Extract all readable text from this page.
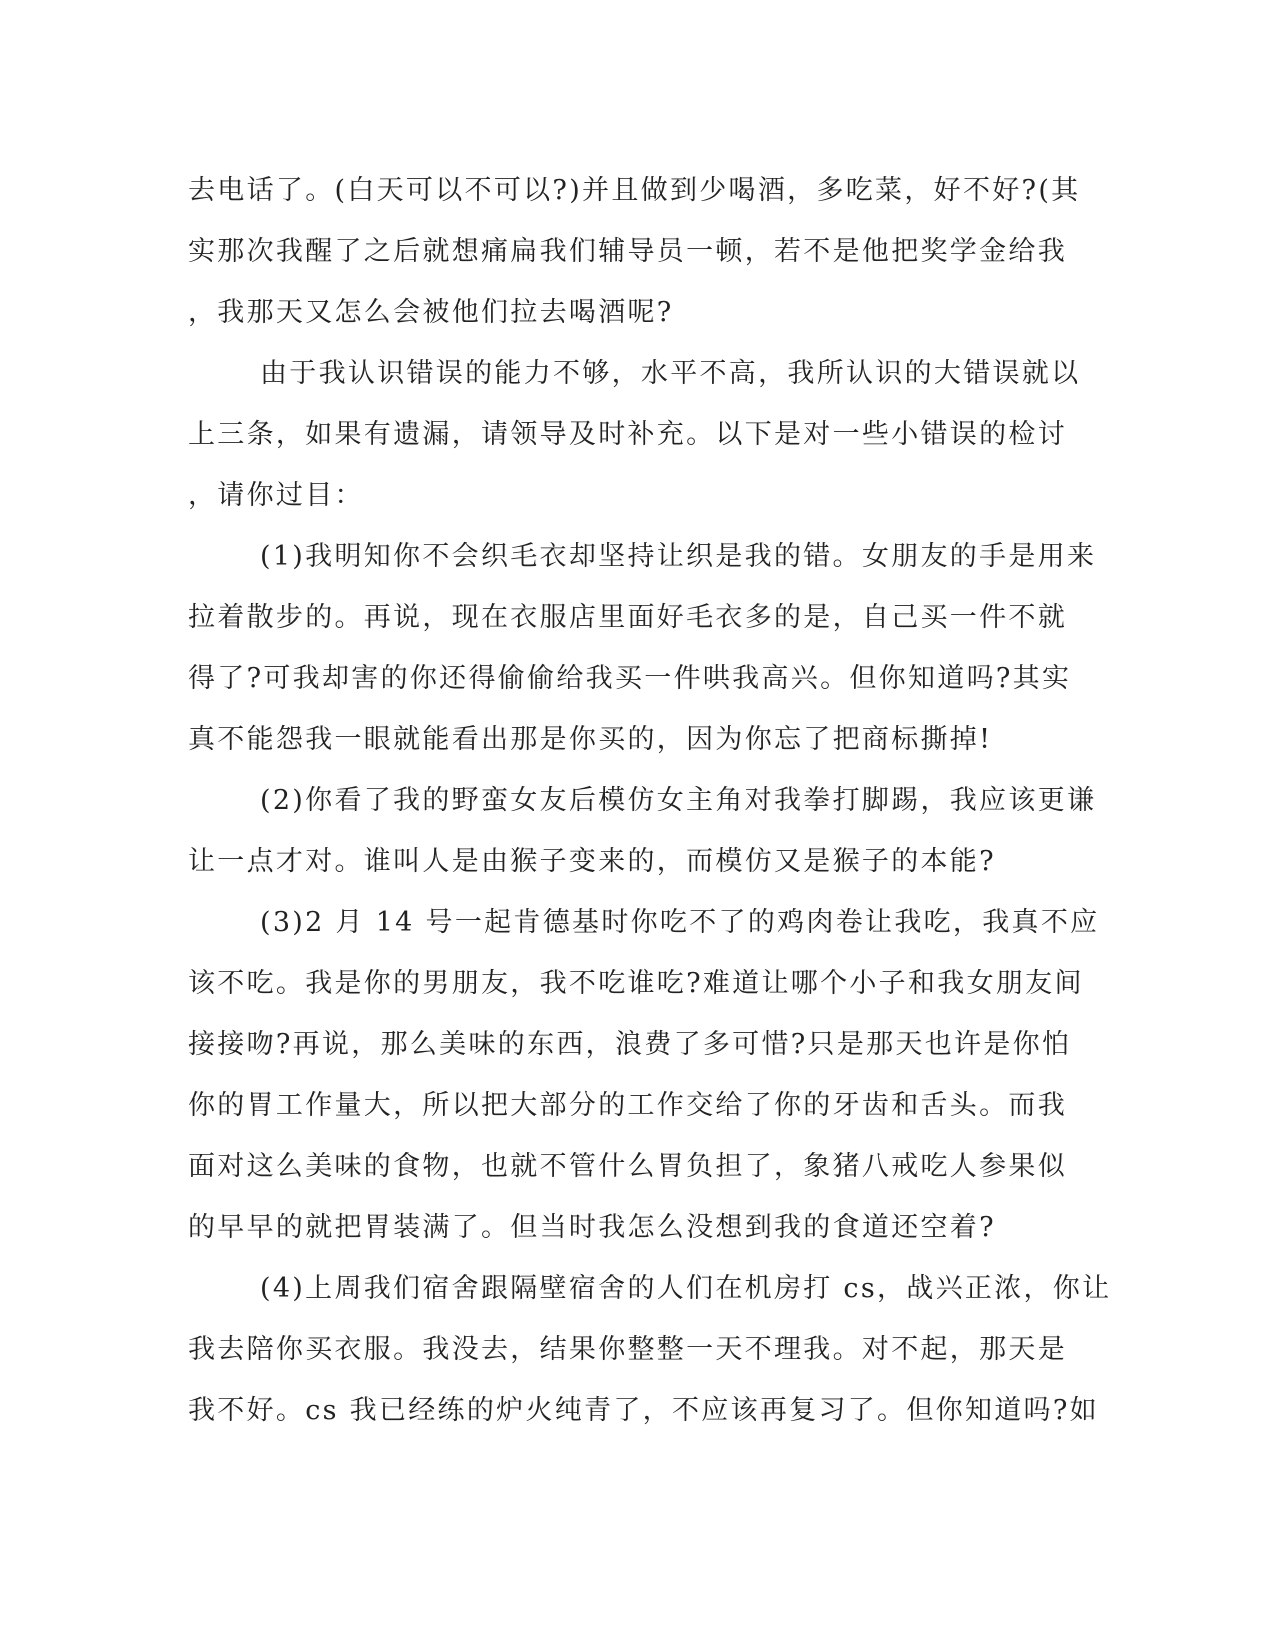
去电话了。(白天可以不可以?)并且做到少喝酒，多吃菜，好不好?(其
实那次我醒了之后就想痛扁我们辅导员一顿，若不是他把奖学金给我
，我那天又怎么会被他们拉去喝酒呢?
由于我认识错误的能力不够，水平不高，我所认识的大错误就以
上三条，如果有遗漏，请领导及时补充。以下是对一些小错误的检讨
，请你过目：
(1)我明知你不会织毛衣却坚持让织是我的错。女朋友的手是用来
拉着散步的。再说，现在衣服店里面好毛衣多的是，自己买一件不就
得了?可我却害的你还得偷偷给我买一件哄我高兴。但你知道吗?其实
真不能怨我一眼就能看出那是你买的，因为你忘了把商标撕掉!
(2)你看了我的野蛮女友后模仿女主角对我拳打脚踢，我应该更谦
让一点才对。谁叫人是由猴子变来的，而模仿又是猴子的本能?
(3)2 月 14 号一起肯德基时你吃不了的鸡肉卷让我吃，我真不应
该不吃。我是你的男朋友，我不吃谁吃?难道让哪个小子和我女朋友间
接接吻?再说，那么美味的东西，浪费了多可惜?只是那天也许是你怕
你的胃工作量大，所以把大部分的工作交给了你的牙齿和舌头。而我
面对这么美味的食物，也就不管什么胃负担了，象猪八戒吃人参果似
的早早的就把胃装满了。但当时我怎么没想到我的食道还空着?
(4)上周我们宿舍跟隔壁宿舍的人们在机房打 cs，战兴正浓，你让
我去陪你买衣服。我没去，结果你整整一天不理我。对不起，那天是
我不好。cs 我已经练的炉火纯青了，不应该再复习了。但你知道吗?如
